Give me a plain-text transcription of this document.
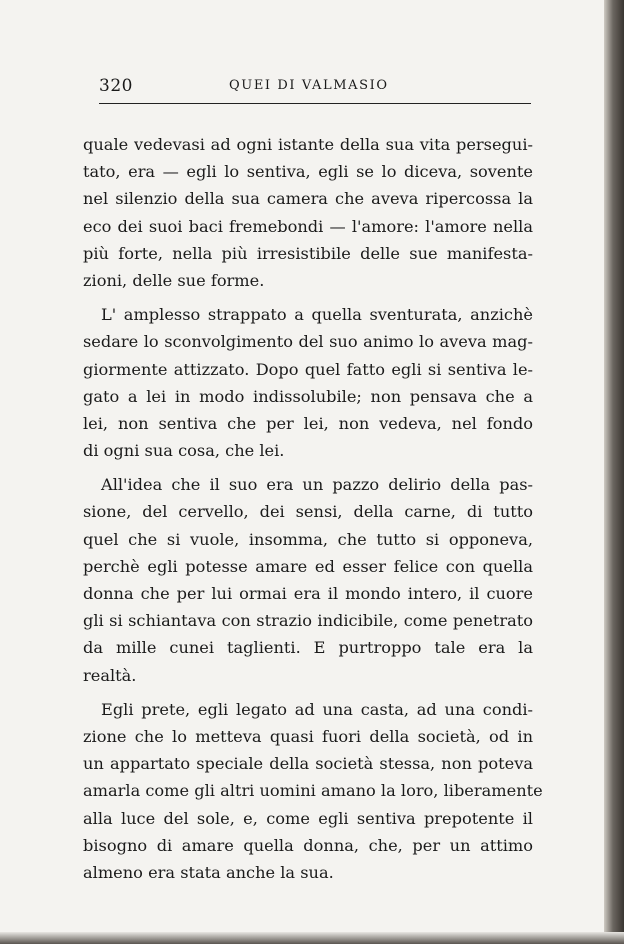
320	QUEI DI VALMASIO
quale vedevasi ad ogni istante della sua vita persegui-
tato, era — egli lo sentiva, egli se lo diceva, sovente
nel silenzio della sua camera che aveva ripercossa la
eco dei suoi baci fremebondi — l'amore: l'amore nella
più forte, nella più irresistibile delle sue manifesta-
zioni, delle sue forme.
L' amplesso strappato a quella sventurata, anzichè
sedare lo sconvolgimento del suo animo lo aveva mag-
giormente attizzato. Dopo quel fatto egli si sentiva le-
gato a lei in modo indissolubile; non pensava che a
lei, non sentiva che per lei, non vedeva, nel fondo
di ogni sua cosa, che lei.
All'idea che il suo era un pazzo delirio della pas-
sione, del cervello, dei sensi, della carne, di tutto
quel che si vuole, insomma, che tutto si opponeva,
perchè egli potesse amare ed esser felice con quella
donna che per lui ormai era il mondo intero, il cuore
gli si schiantava con strazio indicibile, come penetrato
da mille cunei taglienti. E purtroppo tale era la
realtà.
Egli prete, egli legato ad una casta, ad una condi-
zione che lo metteva quasi fuori della società, od in
un appartato speciale della società stessa, non poteva
amarla come gli altri uomini amano la loro, liberamente
alla luce del sole, e, come egli sentiva prepotente il
bisogno di amare quella donna, che, per un attimo
almeno era stata anche la sua.
